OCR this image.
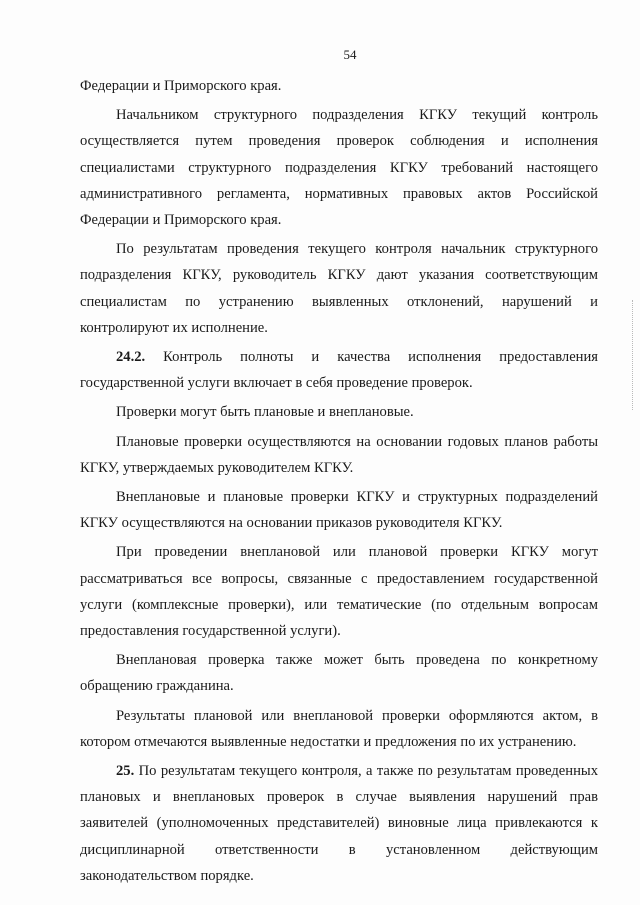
54

Федерации и Приморского края.

Начальником структурного подразделения КГКУ текущий контроль осуществляется путем проведения проверок соблюдения и исполнения специалистами структурного подразделения КГКУ требований настоящего административного регламента, нормативных правовых актов Российской Федерации и Приморского края.

По результатам проведения текущего контроля начальник структурного подразделения КГКУ, руководитель КГКУ дают указания соответствующим специалистам по устранению выявленных отклонений, нарушений и контролируют их исполнение.

24.2. Контроль полноты и качества исполнения предоставления государственной услуги включает в себя проведение проверок.

Проверки могут быть плановые и внеплановые.

Плановые проверки осуществляются на основании годовых планов работы КГКУ, утверждаемых руководителем КГКУ.

Внеплановые и плановые проверки КГКУ и структурных подразделений КГКУ осуществляются на основании приказов руководителя КГКУ.

При проведении внеплановой или плановой проверки КГКУ могут рассматриваться все вопросы, связанные с предоставлением государственной услуги (комплексные проверки), или тематические (по отдельным вопросам предоставления государственной услуги).

Внеплановая проверка также может быть проведена по конкретному обращению гражданина.

Результаты плановой или внеплановой проверки оформляются актом, в котором отмечаются выявленные недостатки и предложения по их устранению.

25. По результатам текущего контроля, а также по результатам проведенных плановых и внеплановых проверок в случае выявления нарушений прав заявителей (уполномоченных представителей) виновные лица привлекаются к дисциплинарной ответственности в установленном действующим законодательством порядке.
